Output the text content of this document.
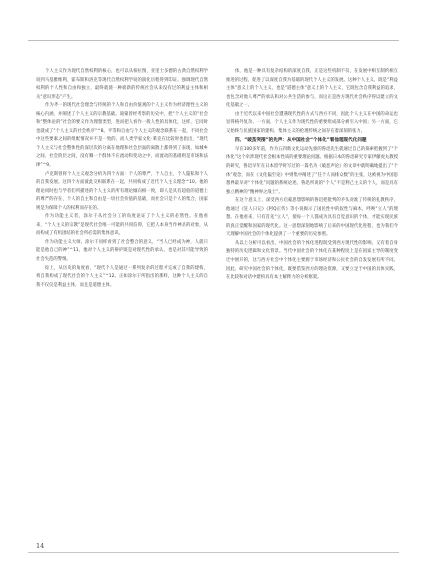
个人主义作为现代自然权利的核心，也可以从柏拉图、亚里士多德的古典自然权利学说到马基雅维利、霍布斯和洛克等现代自然权利学说的演化历程得到印证。强调现代自然权利的个人性和自由和独立，最终就使一种崭新的传统社会从来没有过的利益主体和相关“意识形态”产生。

作为齐一的现代社会理念与传统的个人和自由价值观的个人主义作为经济理性主义的核心内涵，并阐述了个人主义的宗教基础。迪蒙曾经考察的历史中，把“个人主义的”社会和“整体论的”社会的要义作为理想类型，进而把人看作一般人性的具体化，这样，它同时也就成了“个人主义的社会秩序”^8。平等和自由与个人主义的观念联系在一起，不同社会中这些要素之间的组配情况并不是一致的。而人类学家文化·莱克在比较时也指出，“现代个人主义与社会整体性的深层次的分离在地理和社会层面的离散上都得到了表现，如城乡之间、社会阶层之间，没有哪一个群体不在流动和变动之中，而流动的基础则是市场和法律”^9。

卢克斯曾将个人主义观念分析为四个方面：个人的尊严、个人自主、个人隐私和个人的自我发展。这四个方面彼此交织联系在一起，共同构成了近代个人主义理念^10。他的理论同时也与学者们所描述的个人主义的所有理论倾向相一致，即人是具有超验的道德上的尊严的存在，个人的自主和自由是一切社会价值的基础，而社会只是个人的集合，国家则是为保障个人的权利而存在的。

作为功能主义者，涂尔干从社会分工的角度论证了个人主义的必然性。在他看来，“个人主义的宗教”是现代社会唯一可能的共同信仰，它把人本身当作神圣的对象，从而构成了有机团结的社会所必需的集体意识。

作为功能主义大师，涂尔干同样看到了社会整合的意义，“当人已经成为神，人就只能是他自己的神”^11，他对个人主义的辩护既是对现代性的承认，也是对其可能导致的社会失范的警惕。

综上，从历史的角度看，“现代个人是通过一系列复杂的过程才完成了自我的建构，将自我构成了现代社会的个人主义”^12。正如涂尔干所指出的那样，这种个人主义的自我不仅仅是利益主体，而且是道德主体。

体，他是一种具有复杂结构的深度自我，正是这些机制不仅，在发展中相互制约相互推进的过程，促进了以深度自我为基础的现代个人主义的发展。这种个人主义，既是“利益主体”意义上的个人主义，也是“道德主体”意义上的个人主义，它既包含自我利益的追求，也包含对他人尊严的承认和对公共生活的参与，而这正是西方现代社会秩序得以建立的文化基础之一。

由于近代以来中国社会遭遇现代性的方式与西方不同，因此个人主义在中国的命运也显得格外复杂。一方面，个人主义作为现代性的重要组成部分被引入中国；另一方面，它又始终与民族国家的建构、集体主义的伦理传统之间存在着深刻的张力。

四、“破茧突围”的先声：从中国社会“个体化”看他理现代化问题

早在100多年前，作为五四新文化运动先驱的鲁迅先生就通过自己的探索把握到了“个体化”这个牵涉现代社会根本性质的重要理论问题。根据日本的鲁迅研究专家伊藤虎丸教授的研究，鲁迅早年在日本留学时写过的一篇名为《破恶声论》的文章中就明确地提出了“个体”观念，而在《文化偏至论》中则集中阐述了“任个人而排众数”的主张，这被视为中国思想界最早对“个体化”问题的系统论述。鲁迅所说的“个人”不是利己主义的个人，而是具有独立精神的“精神界之战士”。

在这个意义上，深受西方启蒙思想影响的鲁迅把批判的矛头对准了传统的礼教秩序，他通过《狂人日记》《阿Q正传》等小说揭示了国民性中的奴性与麻木，呼唤“立人”的理想。在他看来，只有首先“立人”，使每一个人都成为具有自觉意识的个体，才能实现民族的真正觉醒和国家的现代化。这一思想深刻地影响了后来的中国现代化进程，也为我们今天理解中国社会的个体化提供了一个重要的历史参照。

从以上分析可以看出，中国社会的个体化进程既受到西方现代性的影响，又有着自身独特的历史逻辑和文化背景。当代中国社会的个体化在某种程度上是在国家主导的制度变迁中展开的，这与西方社会中个体化主要源于市场经济和公民社会的自发发展有所不同。因此，研究中国社会的个体化，既要借鉴西方的理论资源，又要立足于中国的具体实践，在比较和对话中建构具有本土解释力的分析框架。

14
